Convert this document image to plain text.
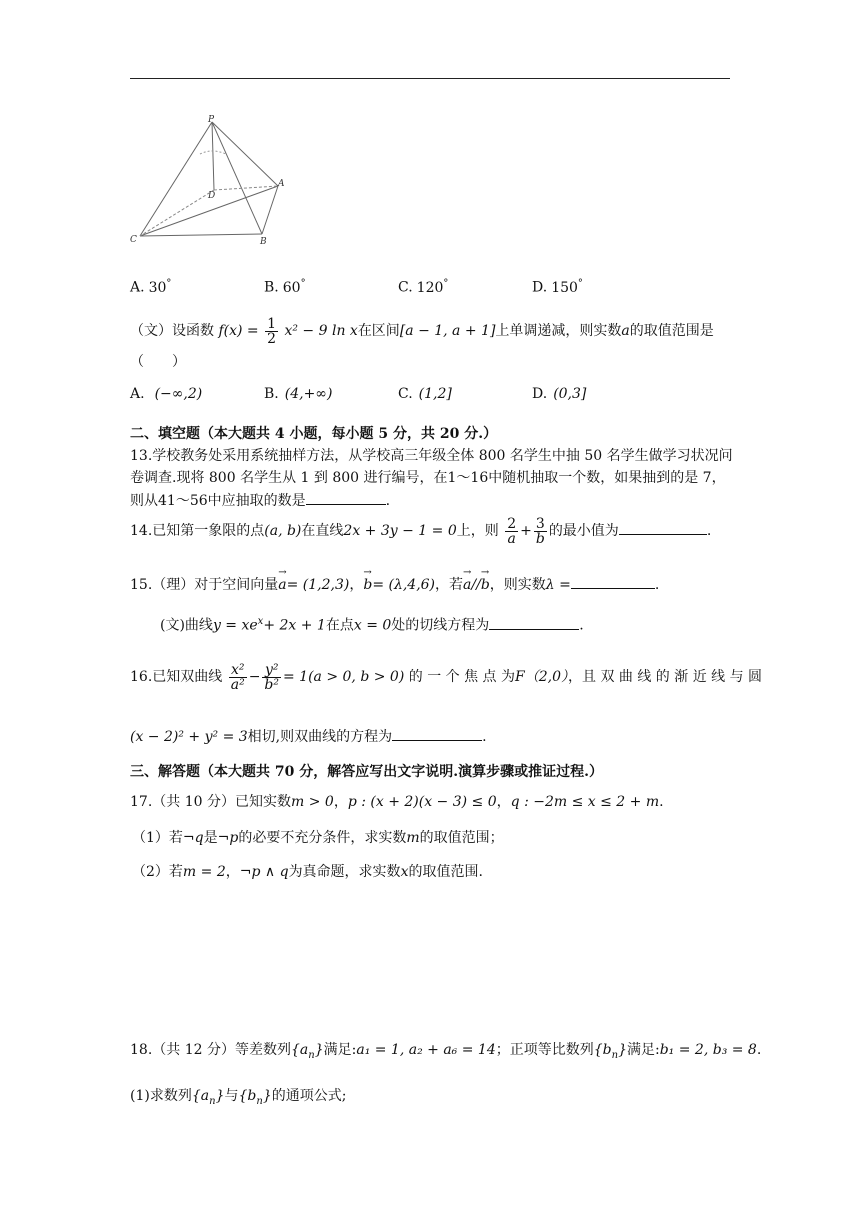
P
D
A
C	B
A. 30°	B. 60°	C. 120°	D. 150°
（文）设函数 $f(x) = \frac{1}{2} x^2 - 9$ ln x在区间[a − 1, a + 1]上单调递减，则实数a的取值范围是
（　　）
A. (−∞,2)	B. (4,+∞)	C. (1,2]	D. (0,3]
二、填空题（本大题共 4 小题，每小题 5 分，共 20 分.）
13.学校教务处采用系统抽样方法，从学校高三年级全体 800 名学生中抽 50 名学生做学习状况问
卷调查.现将 800 名学生从 1 到 800 进行编号，在1～16中随机抽取一个数，如果抽到的是 7，
则从41～56中应抽取的数是	.
14.已知第一象限的点(a, b)在直线2x + 3y − 1 = 0上，则 $\frac{2}{a} + \frac{3}{b}$ 的最小值为	.
15.（理）对于空间向量→ a= (1,2,3)，→ b= (λ,4,6)，若→ a//→ b，则实数λ =	.
(文)曲线$y = xe^x+ 2x + 1$在点x = 0处的切线方程为	.
16.已知双曲线 $\frac{\text{x²}}{\text{a²}} - \frac{\text{y²}}{\text{b²}} = 1(a > 0$, b > 0) 的 一 个 焦 点 为F（2,0），且 双 曲 线 的 渐 近 线 与 圆
(x − 2)² + y² = 3相切,则双曲线的方程为	.
三、解答题（本大题共 70 分，解答应写出文字说明.演算步骤或推证过程.）
17.（共 10 分）已知实数m > 0，p : (x + 2)(x − 3) ≤ 0，q : −2m ≤ x ≤ 2 + m.
（1）若¬q是¬p的必要不充分条件，求实数m的取值范围；
（2）若m = 2，¬p ∧ q为真命题，求实数x的取值范围.
18.（共 12 分）等差数列$\{a_n\}$满足:a₁ = 1, a₂ + a₆ = 14；正项等比数列$\{b_n\}$满足:b₁ = 2, b₃ = 8.
(1)求数列$\{a_n\}$与$\{b_n\}$的通项公式;
